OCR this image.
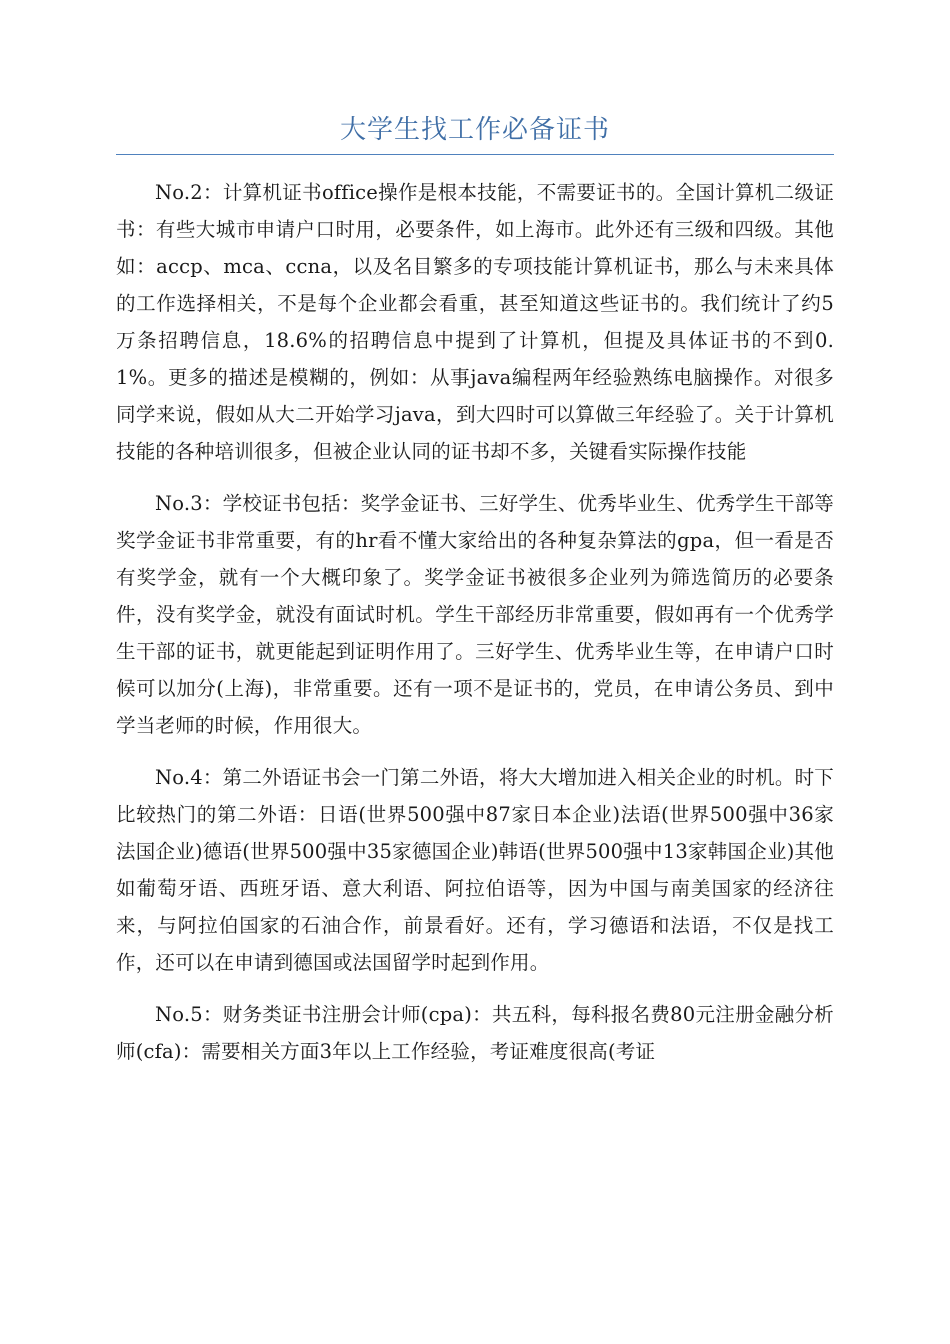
大学生找工作必备证书

No.2：计算机证书office操作是根本技能，不需要证书的。全国计算机二级证书：有些大城市申请户口时用，必要条件，如上海市。此外还有三级和四级。其他如：accp、mca、ccna，以及名目繁多的专项技能计算机证书，那么与未来具体的工作选择相关，不是每个企业都会看重，甚至知道这些证书的。我们统计了约5万条招聘信息，18.6%的招聘信息中提到了计算机，但提及具体证书的不到0.1%。更多的描述是模糊的，例如：从事java编程两年经验熟练电脑操作。对很多同学来说，假如从大二开始学习java，到大四时可以算做三年经验了。关于计算机技能的各种培训很多，但被企业认同的证书却不多，关键看实际操作技能

No.3：学校证书包括：奖学金证书、三好学生、优秀毕业生、优秀学生干部等奖学金证书非常重要，有的hr看不懂大家给出的各种复杂算法的gpa，但一看是否有奖学金，就有一个大概印象了。奖学金证书被很多企业列为筛选简历的必要条件，没有奖学金，就没有面试时机。学生干部经历非常重要，假如再有一个优秀学生干部的证书，就更能起到证明作用了。三好学生、优秀毕业生等，在申请户口时候可以加分(上海)，非常重要。还有一项不是证书的，党员，在申请公务员、到中学当老师的时候，作用很大。

No.4：第二外语证书会一门第二外语，将大大增加进入相关企业的时机。时下比较热门的第二外语：日语(世界500强中87家日本企业)法语(世界500强中36家法国企业)德语(世界500强中35家德国企业)韩语(世界500强中13家韩国企业)其他如葡萄牙语、西班牙语、意大利语、阿拉伯语等，因为中国与南美国家的经济往来，与阿拉伯国家的石油合作，前景看好。还有，学习德语和法语，不仅是找工作，还可以在申请到德国或法国留学时起到作用。

No.5：财务类证书注册会计师(cpa)：共五科，每科报名费80元注册金融分析师(cfa)：需要相关方面3年以上工作经验，考证难度很高(考证
